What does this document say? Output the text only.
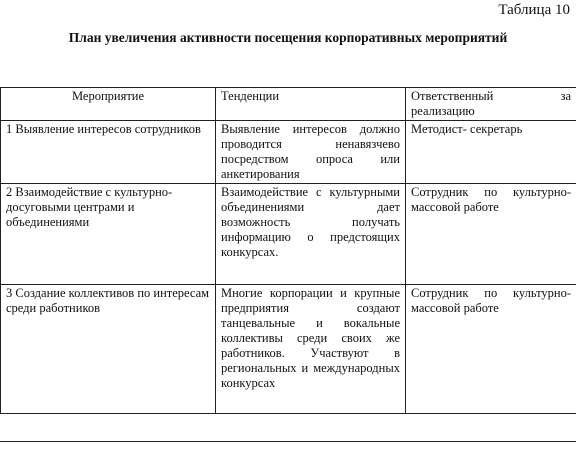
Таблица 10
План увеличения активности посещения корпоративных мероприятий
Мероприятие	Тенденции	Ответственный за реализацию
1 Выявление интересов сотрудников	Выявление интересов должно проводится ненавязчево посредством опроса или анкетирования	Методист- секретарь
2 Взаимодействие с культурно-досуговыми центрами и объединениями	Взаимодействие с культурными объединениями дает возможность получать информацию о предстоящих конкурсах.	Сотрудник по культурно-массовой работе
3 Создание коллективов по интересам среди работников	Многие корпорации и крупные предприятия создают танцевальные и вокальные коллективы среди своих же работников. Участвуют в региональных и международных конкурсах	Сотрудник по культурно-массовой работе
